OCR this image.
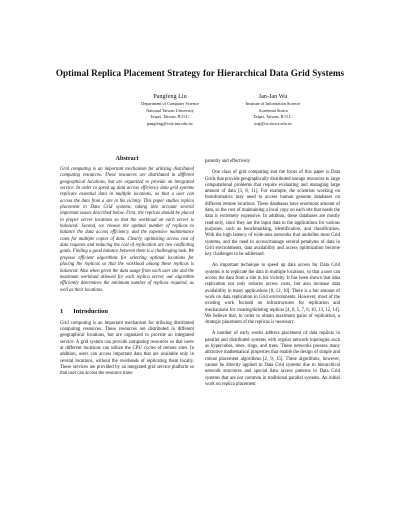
Optimal Replica Placement Strategy for Hierarchical Data Grid Systems
Pangfeng Liu
Department of Computer Science
National Taiwan University
Taipei, Taiwan, R.O.C.
pangfeng@csie.ntu.edu.tw
Jan-Jan Wu
Institute of Information Science
Academia Sinica
Taipei, Taiwan, R.O.C.
wuj@iis.sinica.edu.tw
Abstract

Grid computing is an important mechanism for utilizing distributed computing resources. These resources are distributed in different geographical locations, but are organized to provide an integrated service. In order to speed up data access efficiency data grid systems replicate essential data in multiple locations, so that a user can access the data from a site in his vicinity. This paper studies replica placement in Data Grid systems, taking into account several important issues described below. First, the replicas should be placed in proper server locations so that the workload on each server is balanced. Second, we choose the optimal number of replicas to balance the data access efficiency, and the expensive maintenance costs for multiple copies of data. Clearly, optimizing access cost of data requests and reducing the cost of replication are two conflicting goals. Finding a good balance between them is a challenging task. We propose efficient algorithms for selecting optimal locations for placing the replicas so that the workload among these replicas is balanced. Also when given the data usage from each user site and the maximum workload allowed for each replica server, our algorithm efficiently determines the minimum number of replicas required, as well as their locations.

1 Introduction

Grid computing is an important mechanism for utilizing distributed computing resources. These resources are distributed in different geographical locations, but are organized to provide an integrated service. A grid system can provide computing resources so that users at different locations can utilize the CPU cycles of remote sites. In addition, users can access important data that are available only in several locations, without the overheads of replicating them locally. These services are provided by an integrated grid service platform so that user can access the resource trans-

parently and effectively.

One class of grid computing and the focus of this paper is Data Grids that provide geographically distributed storage resources to large computational problems that require evaluating and managing large amount of data [3, 8, 11]. For example, the scientists working on bioinformatics may need to access human genome databases on different remote locations. These databases have enormous amount of data, so the cost of maintaining a local copy on each site that needs the data is extremely expensive. In addition, these databases are mostly read-only, since they are the input data to the applications for various purposes, such as benchmarking, identification, and classification. With the high latency of wide-area networks that underlies most Grid systems, and the need to access/manage several petabytes of data in Grid environments, data availability and access optimization become key challenges to be addressed.

An important technique to speed up data access for Data Grid systems is to replicate the data in multiple locations, so that a user can access the data from a site in his vicinity. It has been shown that data replication not only reduces access costs, but also increase data availability in many applications [8, 12, 10]. There is a fair amount of work on data replication in Grid environments. However, most of the existing work focused on infrastructures for replication and mechanisms for creating/deleting replicas [4, 6, 5, 7, 8, 10, 13, 12, 14]. We believe that, in order to obtain maximum gains of replication, a strategic placement of the replicas is necessary.

A number of early works address placement of data replicas in parallel and distributed systems with regular network topologies such as hypercubes, trees, rings, and trees. These networks possess many attractive mathematical properties that enable the design of simple and robust placement algorithms [2, 9, 15]. These algorithms, however, cannot be directly applied to Data Grid systems due to hierarchical network structures and special data access patterns in Data Grid systems that are not common in traditional parallel systems. An initial work on replica placement
